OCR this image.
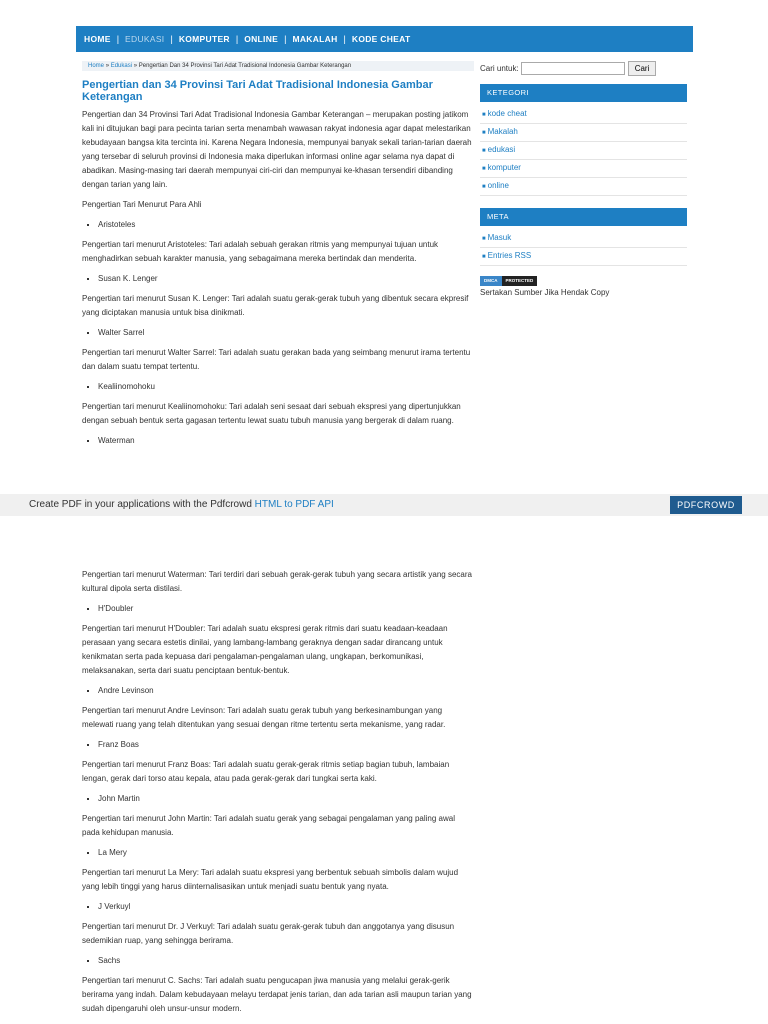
HOME | EDUKASI | KOMPUTER | ONLINE | MAKALAH | KODE CHEAT
Home » Edukasi » Pengertian Dan 34 Provinsi Tari Adat Tradisional Indonesia Gambar Keterangan
Pengertian dan 34 Provinsi Tari Adat Tradisional Indonesia Gambar Keterangan

Pengertian dan 34 Provinsi Tari Adat Tradisional Indonesia Gambar Keterangan – merupakan posting jatikom kali ini ditujukan bagi para pecinta tarian serta menambah wawasan rakyat indonesia agar dapat melestarikan kebudayaan bangsa kita tercinta ini. Karena Negara Indonesia, mempunyai banyak sekali tarian-tarian daerah yang tersebar di seluruh provinsi di Indonesia maka diperlukan informasi online agar selama nya dapat di abadikan. Masing-masing tari daerah mempunyai ciri-ciri dan mempunyai ke-khasan tersendiri dibanding dengan tarian yang lain.

Pengertian Tari Menurut Para Ahli

▪ Aristoteles

Pengertian tari menurut Aristoteles: Tari adalah sebuah gerakan ritmis yang mempunyai tujuan untuk menghadirkan sebuah karakter manusia, yang sebagaimana mereka bertindak dan menderita.

▪ Susan K. Lenger

Pengertian tari menurut Susan K. Lenger: Tari adalah suatu gerak-gerak tubuh yang dibentuk secara ekpresif yang diciptakan manusia untuk bisa dinikmati.

▪ Walter Sarrel

Pengertian tari menurut Walter Sarrel: Tari adalah suatu gerakan bada yang seimbang menurut irama tertentu dan dalam suatu tempat tertentu.

▪ Kealiinomohoku

Pengertian tari menurut Kealiinomohoku: Tari adalah seni sesaat dari sebuah ekspresi yang dipertunjukkan dengan sebuah bentuk serta gagasan tertentu lewat suatu tubuh manusia yang bergerak di dalam ruang.

▪ Waterman
Cari untuk:	Cari
KETEGORI
■ kode cheat
■ Makalah
■ edukasi
■ komputer
■ online
META
■ Masuk
■ Entries RSS
DMCA	PROTECTED
Sertakan Sumber Jika Hendak Copy
Create PDF in your applications with the Pdfcrowd HTML to PDF API	PDFCROWD

Pengertian tari menurut Waterman: Tari terdiri dari sebuah gerak-gerak tubuh yang secara artistik yang secara kultural dipola serta distilasi.

▪ H'Doubler

Pengertian tari menurut H'Doubler: Tari adalah suatu ekspresi gerak ritmis dari suatu keadaan-keadaan perasaan yang secara estetis dinilai, yang lambang-lambang geraknya dengan sadar dirancang untuk kenikmatan serta pada kepuasa dari pengalaman-pengalaman ulang, ungkapan, berkomunikasi, melaksanakan, serta dari suatu penciptaan bentuk-bentuk.

▪ Andre Levinson

Pengertian tari menurut Andre Levinson: Tari adalah suatu gerak tubuh yang berkesinambungan yang melewati ruang yang telah ditentukan yang sesuai dengan ritme tertentu serta mekanisme, yang radar.

▪ Franz Boas

Pengertian tari menurut Franz Boas: Tari adalah suatu gerak-gerak ritmis setiap bagian tubuh, lambaian lengan, gerak dari torso atau kepala, atau pada gerak-gerak dari tungkai serta kaki.

▪ John Martin

Pengertian tari menurut John Martin: Tari adalah suatu gerak yang sebagai pengalaman yang paling awal pada kehidupan manusia.

▪ La Mery

Pengertian tari menurut La Mery: Tari adalah suatu ekspresi yang berbentuk sebuah simbolis dalam wujud yang lebih tinggi yang harus diinternalisasikan untuk menjadi suatu bentuk yang nyata.

▪ J Verkuyl

Pengertian tari menurut Dr. J Verkuyl: Tari adalah suatu gerak-gerak tubuh dan anggotanya yang disusun sedemikian ruap, yang sehingga berirama.

▪ Sachs

Pengertian tari menurut C. Sachs: Tari adalah suatu pengucapan jiwa manusia yang melalui gerak-gerik berirama yang indah. Dalam kebudayaan melayu terdapat jenis tarian, dan ada tarian asli maupun tarian yang sudah dipengaruhi oleh unsur-unsur modern.
